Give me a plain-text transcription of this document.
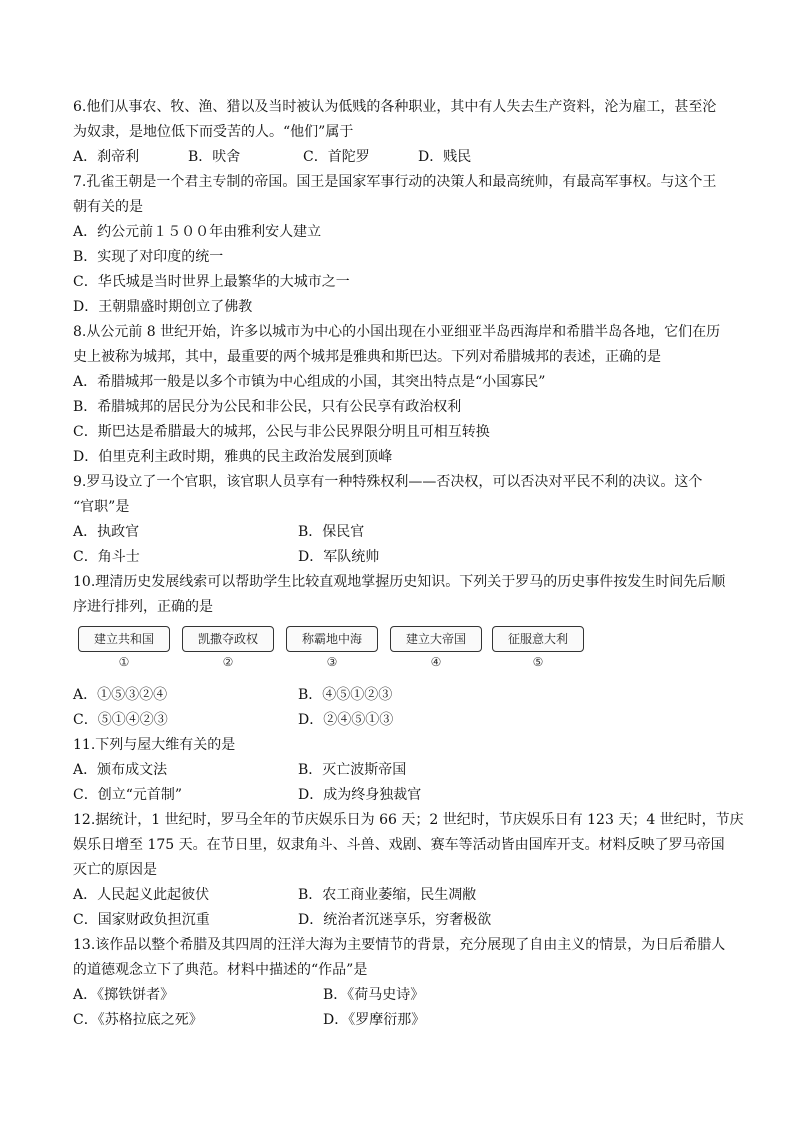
6.他们从事农、牧、渔、猎以及当时被认为低贱的各种职业，其中有人失去生产资料，沦为雇工，甚至沦
为奴隶，是地位低下而受苦的人。“他们”属于
A．刹帝利	B．吠舍	C．首陀罗	D．贱民
7.孔雀王朝是一个君主专制的帝国。国王是国家军事行动的决策人和最高统帅，有最高军事权。与这个王
朝有关的是
A．约公元前１５００年由雅利安人建立
B．实现了对印度的统一
C．华氏城是当时世界上最繁华的大城市之一
D．王朝鼎盛时期创立了佛教
8.从公元前 8 世纪开始，许多以城市为中心的小国出现在小亚细亚半岛西海岸和希腊半岛各地，它们在历
史上被称为城邦，其中，最重要的两个城邦是雅典和斯巴达。下列对希腊城邦的表述，正确的是
A．希腊城邦一般是以多个市镇为中心组成的小国，其突出特点是“小国寡民”
B．希腊城邦的居民分为公民和非公民，只有公民享有政治权利
C．斯巴达是希腊最大的城邦，公民与非公民界限分明且可相互转换
D．伯里克利主政时期，雅典的民主政治发展到顶峰
9.罗马设立了一个官职，该官职人员享有一种特殊权利——否决权，可以否决对平民不利的决议。这个
“官职”是
A．执政官	B．保民官
C．角斗士	D．军队统帅
10.理清历史发展线索可以帮助学生比较直观地掌握历史知识。下列关于罗马的历史事件按发生时间先后顺
序进行排列，正确的是
建立共和国
①
凯撒夺政权
②
称霸地中海
③
建立大帝国
④
征服意大利
⑤
A．①⑤③②④	B．④⑤①②③
C．⑤①④②③	D．②④⑤①③
11.下列与屋大维有关的是
A．颁布成文法	B．灭亡波斯帝国
C．创立“元首制”	D．成为终身独裁官
12.据统计，1 世纪时，罗马全年的节庆娱乐日为 66 天；2 世纪时，节庆娱乐日有 123 天；4 世纪时，节庆
娱乐日增至 175 天。在节日里，奴隶角斗、斗兽、戏剧、赛车等活动皆由国库开支。材料反映了罗马帝国
灭亡的原因是
A．人民起义此起彼伏	B．农工商业萎缩，民生凋敝
C．国家财政负担沉重	D．统治者沉迷享乐，穷奢极欲
13.该作品以整个希腊及其四周的汪洋大海为主要情节的背景，充分展现了自由主义的情景，为日后希腊人
的道德观念立下了典范。材料中描述的“作品”是
A．《掷铁饼者》	B．《荷马史诗》
C．《苏格拉底之死》	D．《罗摩衍那》
